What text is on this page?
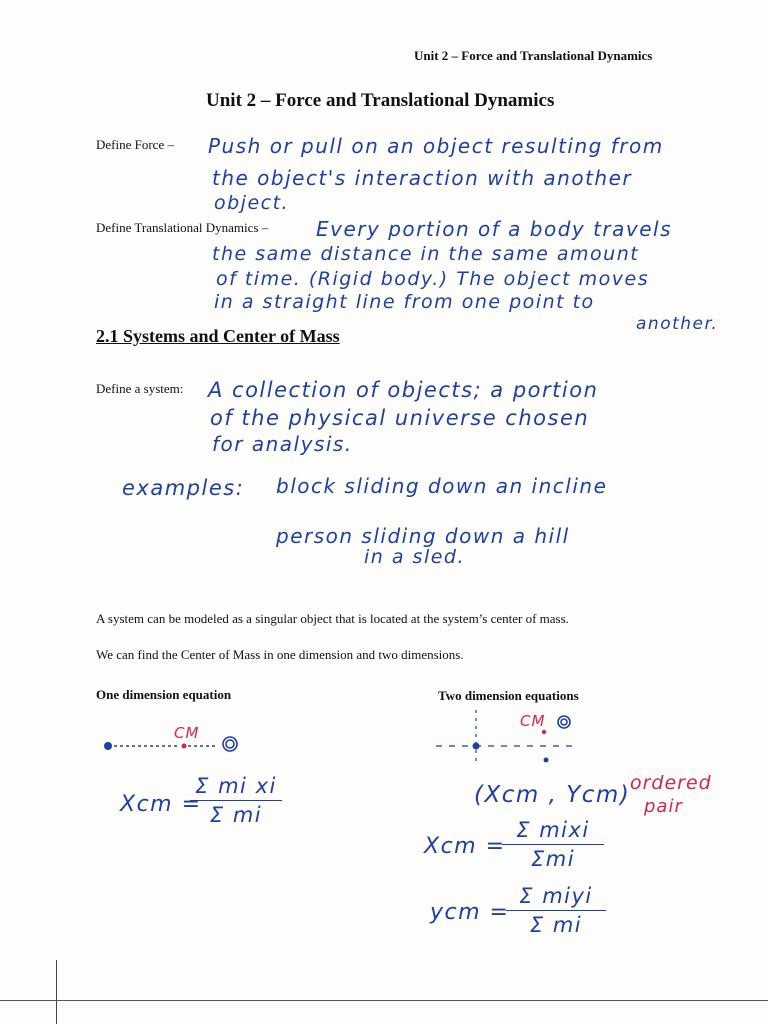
Unit 2 – Force and Translational Dynamics
Unit 2 – Force and Translational Dynamics
Define Force – Push or pull on an object resulting from
the object's interaction with another
object.
Define Translational Dynamics – Every portion of a body travels
the same distance in the same amount
of time. (Rigid body.) The object moves
in a straight line from one point to
another.
2.1 Systems and Center of Mass
Define a system: A collection of objects; a portion
of the physical universe chosen
for analysis.
examples: block sliding down an incline
person sliding down a hill
in a sled.
A system can be modeled as a singular object that is located at the system’s center of mass.
We can find the Center of Mass in one dimension and two dimensions.
One dimension equation
CM
Xcm =
Σ mi xi
Σ mi
Two dimension equations
CM
(Xcm , Ycm) ordered
pair
Xcm =
Σ mixi
Σmi
ycm =
Σ miyi
Σ mi
